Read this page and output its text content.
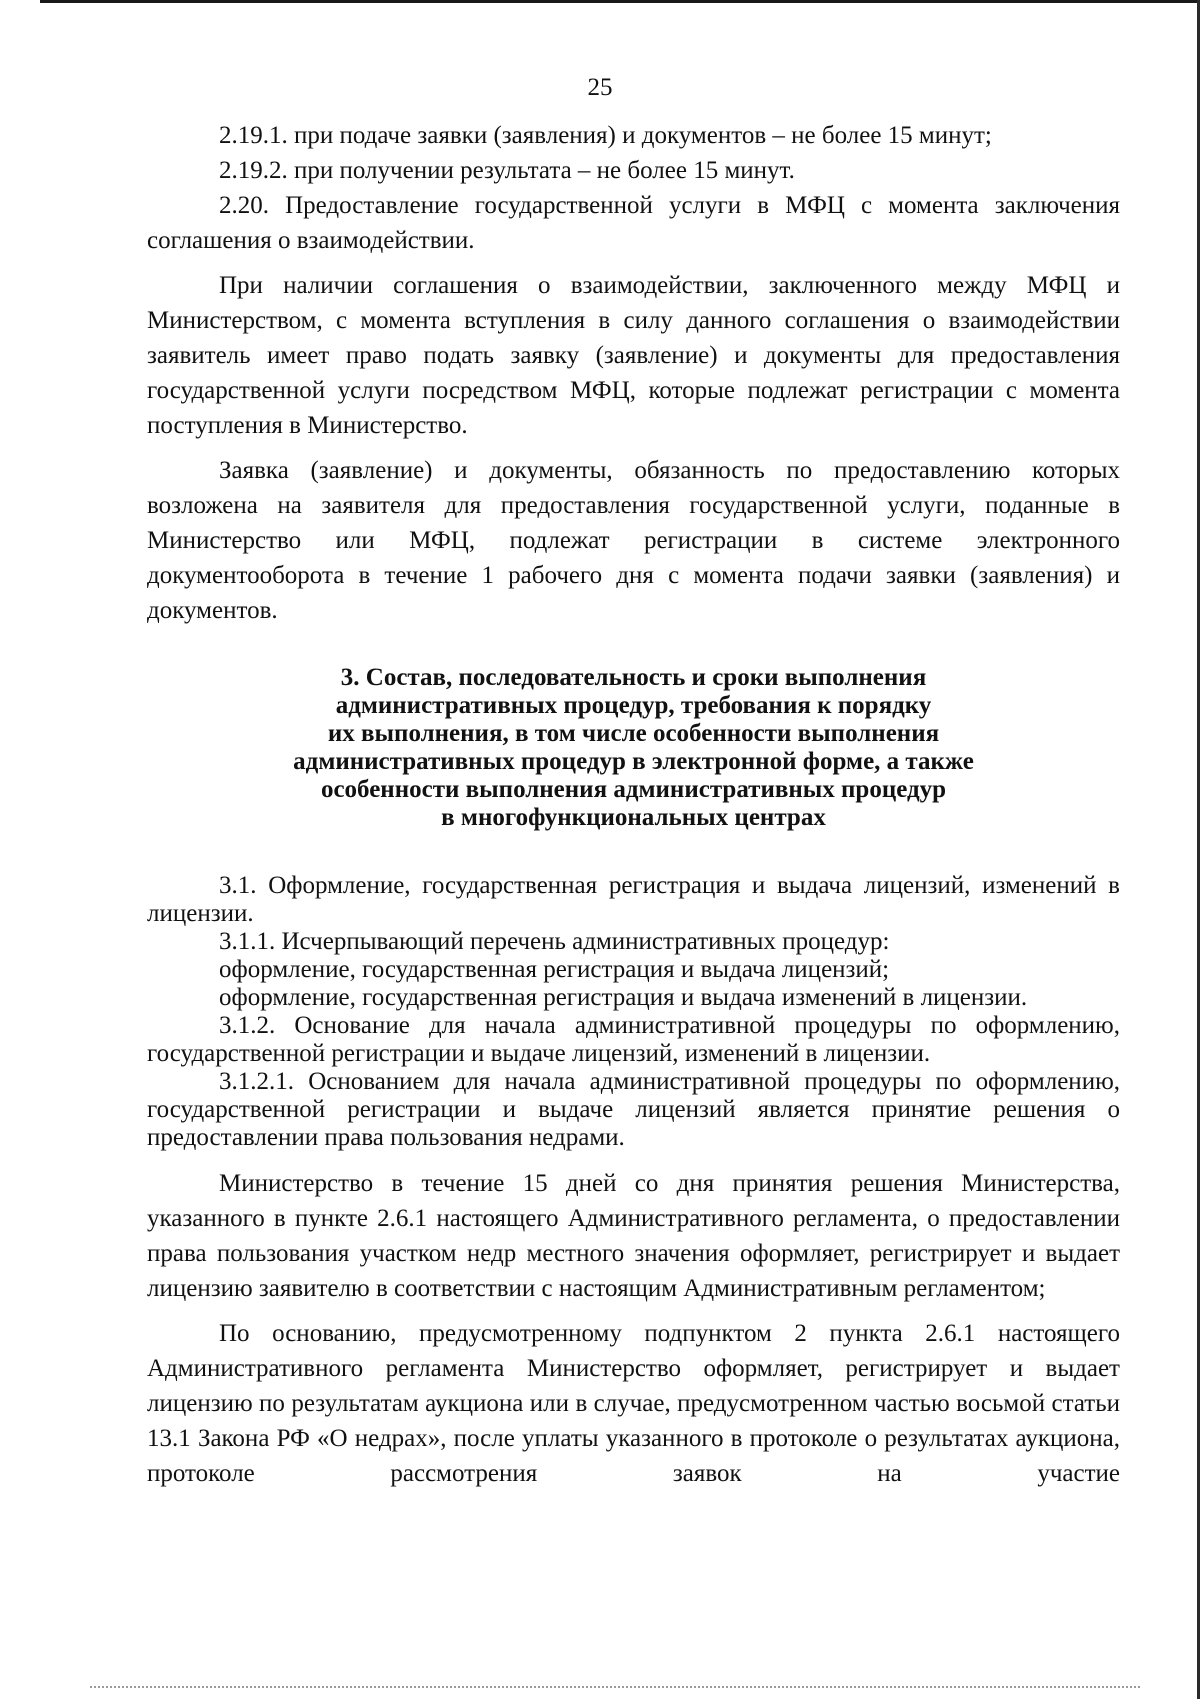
25

2.19.1. при подаче заявки (заявления) и документов – не более 15 минут;

2.19.2. при получении результата – не более 15 минут.

2.20. Предоставление государственной услуги в МФЦ с момента заключения соглашения о взаимодействии.

При наличии соглашения о взаимодействии, заключенного между МФЦ и Министерством, с момента вступления в силу данного соглашения о взаимодействии заявитель имеет право подать заявку (заявление) и документы для предоставления государственной услуги посредством МФЦ, которые подлежат регистрации с момента поступления в Министерство.

Заявка (заявление) и документы, обязанность по предоставлению которых возложена на заявителя для предоставления государственной услуги, поданные в Министерство или МФЦ, подлежат регистрации в системе электронного документооборота в течение 1 рабочего дня с момента подачи заявки (заявления) и документов.

3. Состав, последовательность и сроки выполнения
административных процедур, требования к порядку
их выполнения, в том числе особенности выполнения
административных процедур в электронной форме, а также
особенности выполнения административных процедур
в многофункциональных центрах

3.1. Оформление, государственная регистрация и выдача лицензий, изменений в лицензии.

3.1.1. Исчерпывающий перечень административных процедур:

оформление, государственная регистрация и выдача лицензий;

оформление, государственная регистрация и выдача изменений в лицензии.

3.1.2. Основание для начала административной процедуры по оформлению, государственной регистрации и выдаче лицензий, изменений в лицензии.

3.1.2.1. Основанием для начала административной процедуры по оформлению, государственной регистрации и выдаче лицензий является принятие решения о предоставлении права пользования недрами.

Министерство в течение 15 дней со дня принятия решения Министерства, указанного в пункте 2.6.1 настоящего Административного регламента, о предоставлении права пользования участком недр местного значения оформляет, регистрирует и выдает лицензию заявителю в соответствии с настоящим Административным регламентом;

По основанию, предусмотренному подпунктом 2 пункта 2.6.1 настоящего Административного регламента Министерство оформляет, регистрирует и выдает лицензию по результатам аукциона или в случае, предусмотренном частью восьмой статьи 13.1 Закона РФ «О недрах», после уплаты указанного в протоколе о результатах аукциона, протоколе рассмотрения заявок на участие
